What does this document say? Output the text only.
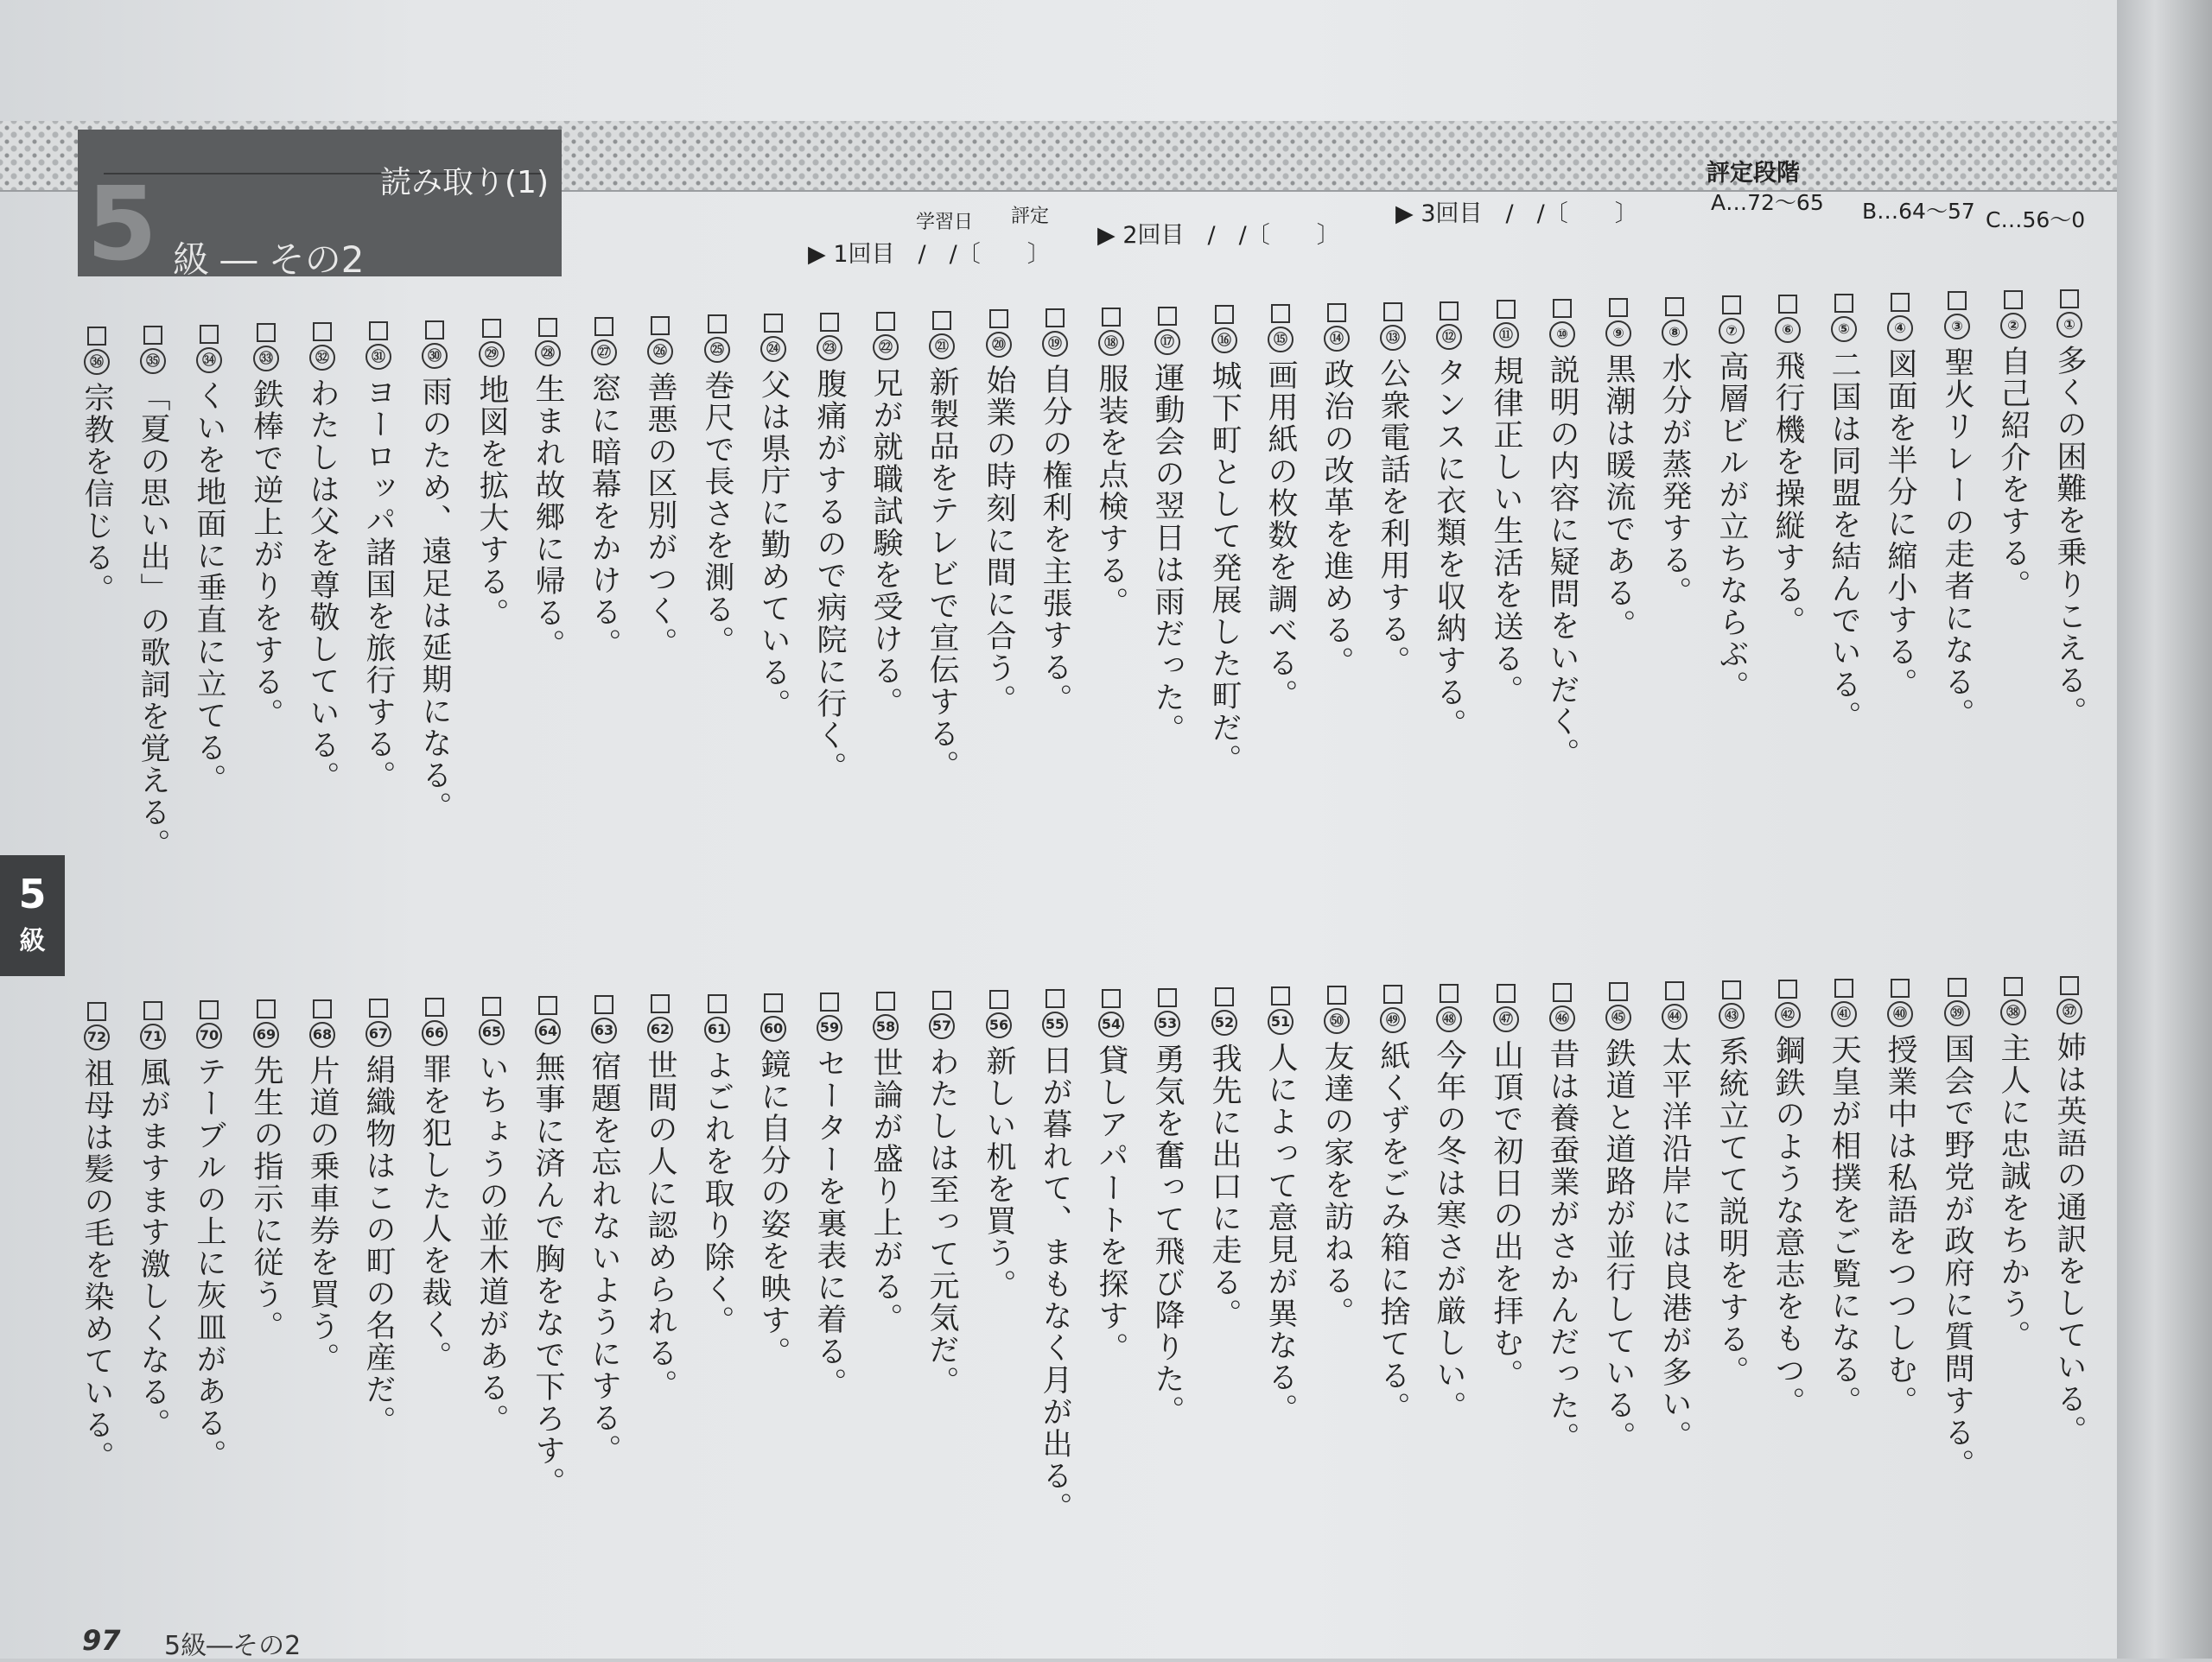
読み取り(1)
5 級 ― その2
学習日 評定
▶ 1回目　/　/〔　　〕
▶ 2回目　/　/〔　　〕
▶ 3回目　/　/〔　　〕
評定段階
A…72～65 B…64～57 C…56～0
①
多くの困難を乗りこえる。
②
自己紹介をする。
③
聖火リレーの走者になる。
④
図面を半分に縮小する。
⑤
二国は同盟を結んでいる。
⑥
飛行機を操縦する。
⑦
高層ビルが立ちならぶ。
⑧
水分が蒸発する。
⑨
黒潮は暖流である。
⑩
説明の内容に疑問をいだく。
⑪
規律正しい生活を送る。
⑫
タンスに衣類を収納する。
⑬
公衆電話を利用する。
⑭
政治の改革を進める。
⑮
画用紙の枚数を調べる。
⑯
城下町として発展した町だ。
⑰
運動会の翌日は雨だった。
⑱
服装を点検する。
⑲
自分の権利を主張する。
⑳
始業の時刻に間に合う。
㉑
新製品をテレビで宣伝する。
㉒
兄が就職試験を受ける。
㉓
腹痛がするので病院に行く。
㉔
父は県庁に勤めている。
㉕
巻尺で長さを測る。
㉖
善悪の区別がつく。
㉗
窓に暗幕をかける。
㉘
生まれ故郷に帰る。
㉙
地図を拡大する。
㉚
雨のため、遠足は延期になる。
㉛
ヨーロッパ諸国を旅行する。
㉜
わたしは父を尊敬している。
㉝
鉄棒で逆上がりをする。
㉞
くいを地面に垂直に立てる。
㉟
「夏の思い出」の歌詞を覚える。
㊱
宗教を信じる。
㊲
姉は英語の通訳をしている。
㊳
主人に忠誠をちかう。
㊴
国会で野党が政府に質問する。
㊵
授業中は私語をつつしむ。
㊶
天皇が相撲をご覧になる。
㊷
鋼鉄のような意志をもつ。
㊸
系統立てて説明をする。
㊹
太平洋沿岸には良港が多い。
㊺
鉄道と道路が並行している。
㊻
昔は養蚕業がさかんだった。
㊼
山頂で初日の出を拝む。
㊽
今年の冬は寒さが厳しい。
㊾
紙くずをごみ箱に捨てる。
㊿
友達の家を訪ねる。
51
人によって意見が異なる。
52
我先に出口に走る。
53
勇気を奮って飛び降りた。
54
貸しアパートを探す。
55
日が暮れて、まもなく月が出る。
56
新しい机を買う。
57
わたしは至って元気だ。
58
世論が盛り上がる。
59
セーターを裏表に着る。
60
鏡に自分の姿を映す。
61
よごれを取り除く。
62
世間の人に認められる。
63
宿題を忘れないようにする。
64
無事に済んで胸をなで下ろす。
65
いちょうの並木道がある。
66
罪を犯した人を裁く。
67
絹織物はこの町の名産だ。
68
片道の乗車券を買う。
69
先生の指示に従う。
70
テーブルの上に灰皿がある。
71
風がますます激しくなる。
72
祖母は髪の毛を染めている。
5
級
97 5級―その2
